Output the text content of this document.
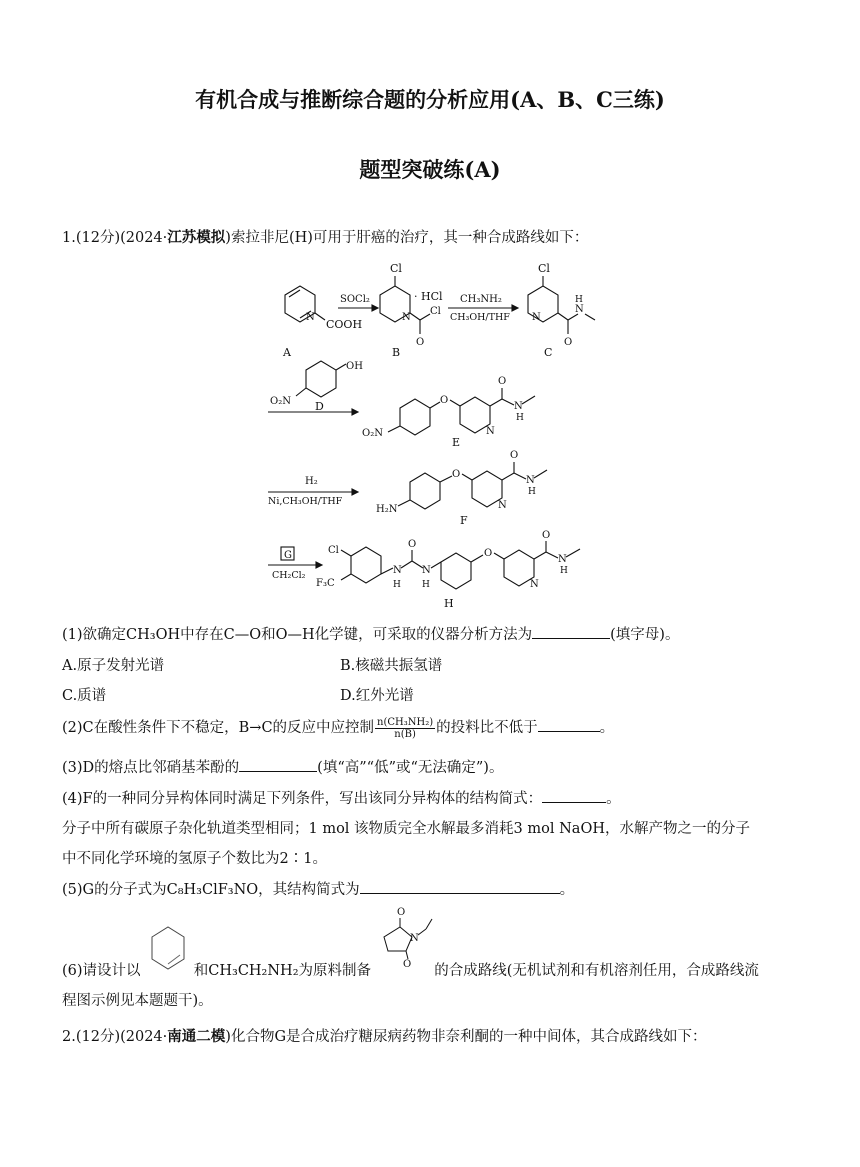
有机合成与推断综合题的分析应用(A、B、C三练)
题型突破练(A)
1.(12分)(2024·江苏模拟)索拉非尼(H)可用于肝癌的治疗，其一种合成路线如下：
N
COOH
A
SOCl₂
Cl
N
O
Cl
· HCl
B
CH₃NH₂
CH₃OH/THF
Cl
N
O
N
H
C
OH
O₂N D
O₂N
O
N
O
N
H
E
H₂
Ni,CH₃OH/THF
H₂N
O
N
O
N
H
F
G
CH₂Cl₂
Cl
F₃C
N
H
O
N
H
O
N
O
N
H
H
(1)欲确定CH₃OH中存在C—O和O—H化学键，可采取的仪器分析方法为	(填字母)。
A.原子发射光谱	B.核磁共振氢谱
C.质谱	D.红外光谱
(2)C在酸性条件下不稳定，B→C的反应中应控制 $\frac{\text{n(CH₃NH₂)}}{n(B)}$ 的投料比不低于	。
(3)D的熔点比邻硝基苯酚的	(填“高”“低”或“无法确定”)。
(4)F的一种同分异构体同时满足下列条件，写出该同分异构体的结构简式：	。
分子中所有碳原子杂化轨道类型相同；1 mol 该物质完全水解最多消耗3 mol NaOH，水解产物之一的分子
中不同化学环境的氢原子个数比为2∶1。
(5)G的分子式为C₈H₃ClF₃NO，其结构简式为	。
(6)请设计以	和CH₃CH₂NH₂为原料制备	的合成路线(无机试剂和有机溶剂任用，合成路线流
O
N
O
程图示例见本题题干)。
2.(12分)(2024·南通二模)化合物G是合成治疗糖尿病药物非奈利酮的一种中间体，其合成路线如下：
